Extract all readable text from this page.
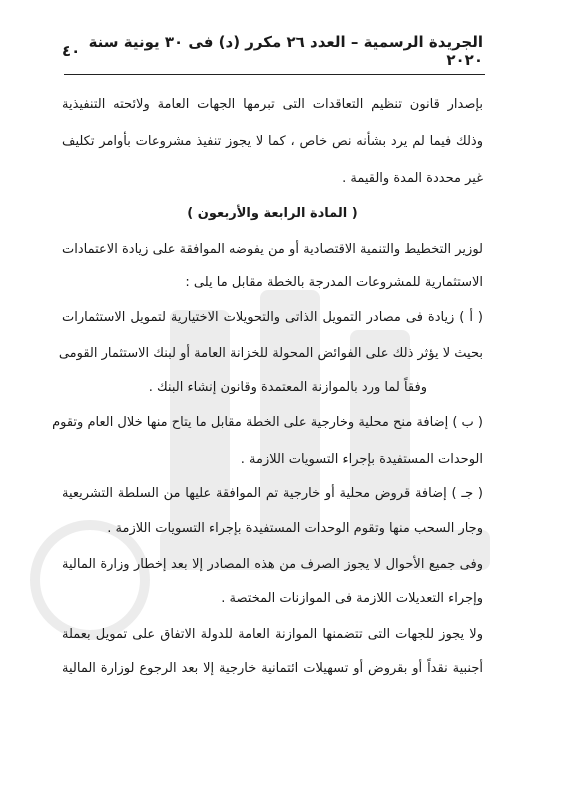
الجريدة الرسمية – العدد ٢٦ مكرر (د) فى ٣٠ يونية سنة ٢٠٢٠
٤٠
بإصدار قانون تنظيم التعاقدات التى تبرمها الجهات العامة ولائحته التنفيذية
وذلك فيما لم يرد بشأنه نص خاص ، كما لا يجوز تنفيذ مشروعات بأوامر تكليف
غير محددة المدة والقيمة .
( المادة الرابعة والأربعون )
لوزير التخطيط والتنمية الاقتصادية أو من يفوضه الموافقة على زيادة الاعتمادات
الاستثمارية للمشروعات المدرجة بالخطة مقابل ما يلى :
( أ ) زيادة فى مصادر التمويل الذاتى والتحويلات الاختيارية لتمويل الاستثمارات
بحيث لا يؤثر ذلك على الفوائض المحولة للخزانة العامة أو لبنك الاستثمار القومى
وفقاً لما ورد بالموازنة المعتمدة وقانون إنشاء البنك .
( ب ) إضافة منح محلية وخارجية على الخطة مقابل ما يتاح منها خلال العام وتقوم
الوحدات المستفيدة بإجراء التسويات اللازمة .
( جـ ) إضافة قروض محلية أو خارجية تم الموافقة عليها من السلطة التشريعية
وجار السحب منها وتقوم الوحدات المستفيدة بإجراء التسويات اللازمة .
وفى جميع الأحوال لا يجوز الصرف من هذه المصادر إلا بعد إخطار وزارة المالية
وإجراء التعديلات اللازمة فى الموازنات المختصة .
ولا يجوز للجهات التى تتضمنها الموازنة العامة للدولة الاتفاق على تمويل بعملة
أجنبية نقداً أو بقروض أو تسهيلات ائتمانية خارجية إلا بعد الرجوع لوزارة المالية
